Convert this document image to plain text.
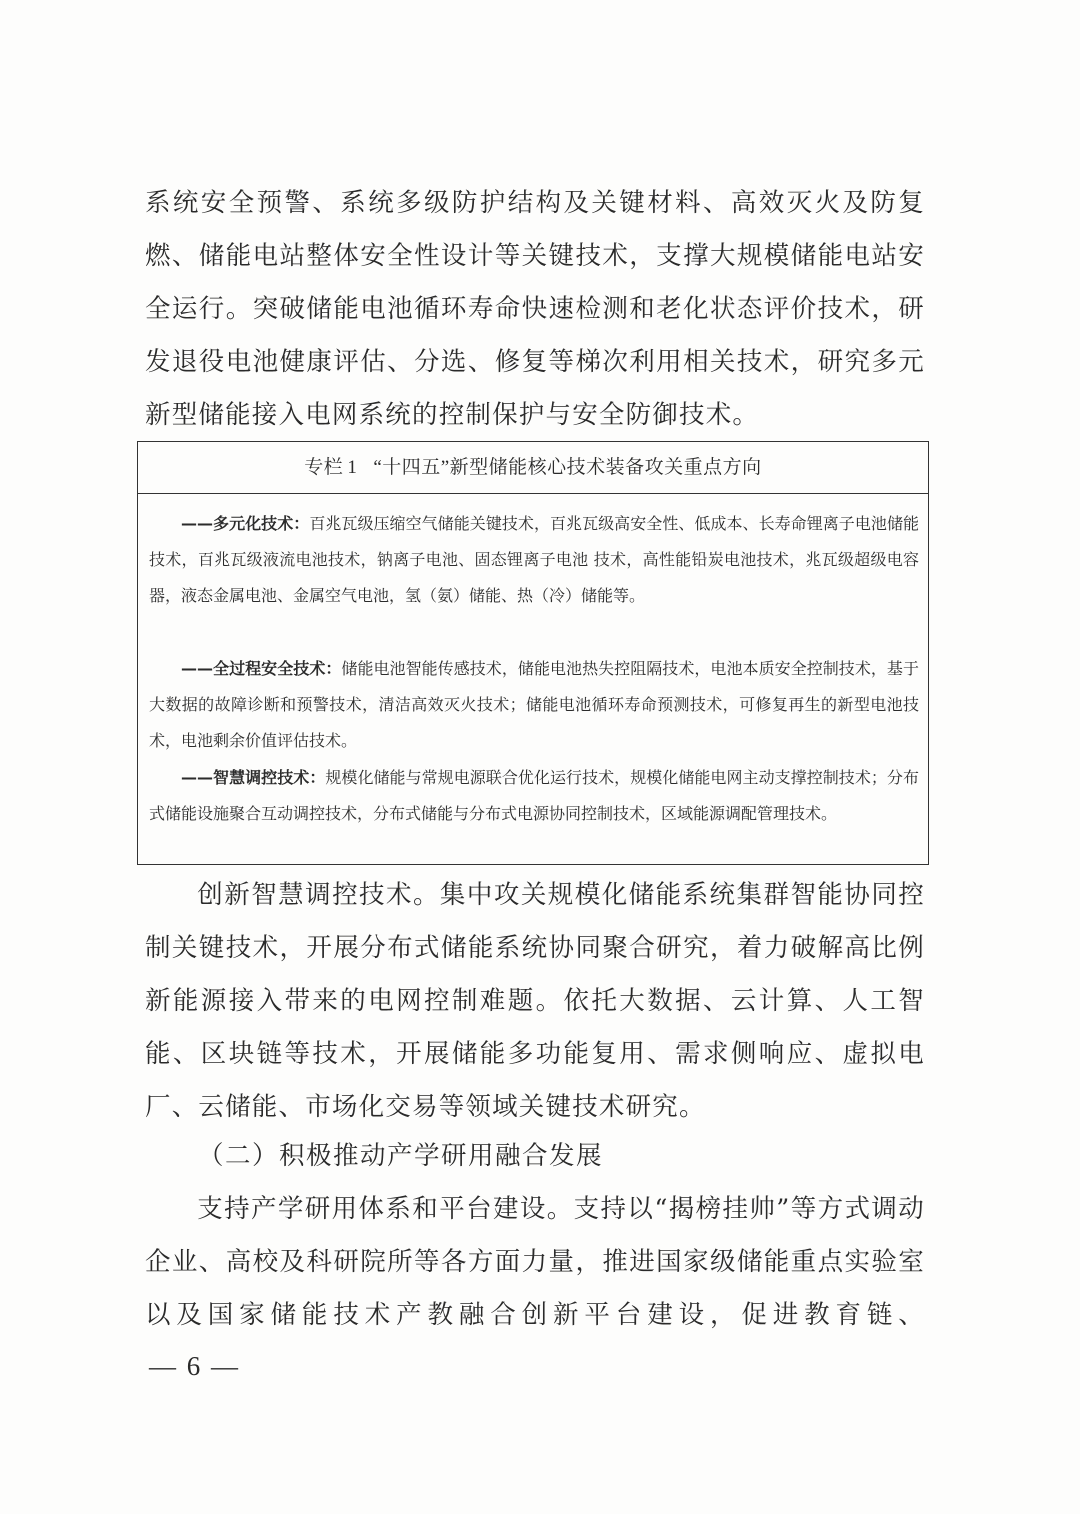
系统安全预警、系统多级防护结构及关键材料、高效灭火及防复燃、储能电站整体安全性设计等关键技术，支撑大规模储能电站安全运行。突破储能电池循环寿命快速检测和老化状态评价技术，研发退役电池健康评估、分选、修复等梯次利用相关技术，研究多元新型储能接入电网系统的控制保护与安全防御技术。

专栏 1 “十四五”新型储能核心技术装备攻关重点方向

——多元化技术：百兆瓦级压缩空气储能关键技术，百兆瓦级高安全性、低成本、长寿命锂离子电池储能技术，百兆瓦级液流电池技术，钠离子电池、固态锂离子电池 技术，高性能铅炭电池技术，兆瓦级超级电容器，液态金属电池、金属空气电池，氢（氨）储能、热（冷）储能等。

——全过程安全技术：储能电池智能传感技术，储能电池热失控阻隔技术，电池本质安全控制技术，基于大数据的故障诊断和预警技术，清洁高效灭火技术；储能电池循环寿命预测技术，可修复再生的新型电池技术，电池剩余价值评估技术。

——智慧调控技术：规模化储能与常规电源联合优化运行技术，规模化储能电网主动支撑控制技术；分布式储能设施聚合互动调控技术，分布式储能与分布式电源协同控制技术，区域能源调配管理技术。

创新智慧调控技术。集中攻关规模化储能系统集群智能协同控制关键技术，开展分布式储能系统协同聚合研究，着力破解高比例新能源接入带来的电网控制难题。依托大数据、云计算、人工智能、区块链等技术，开展储能多功能复用、需求侧响应、虚拟电厂、云储能、市场化交易等领域关键技术研究。

（二）积极推动产学研用融合发展

支持产学研用体系和平台建设。支持以“揭榜挂帅”等方式调动企业、高校及科研院所等各方面力量，推进国家级储能重点实验室以及国家储能技术产教融合创新平台建设，促进教育链、

— 6 —
